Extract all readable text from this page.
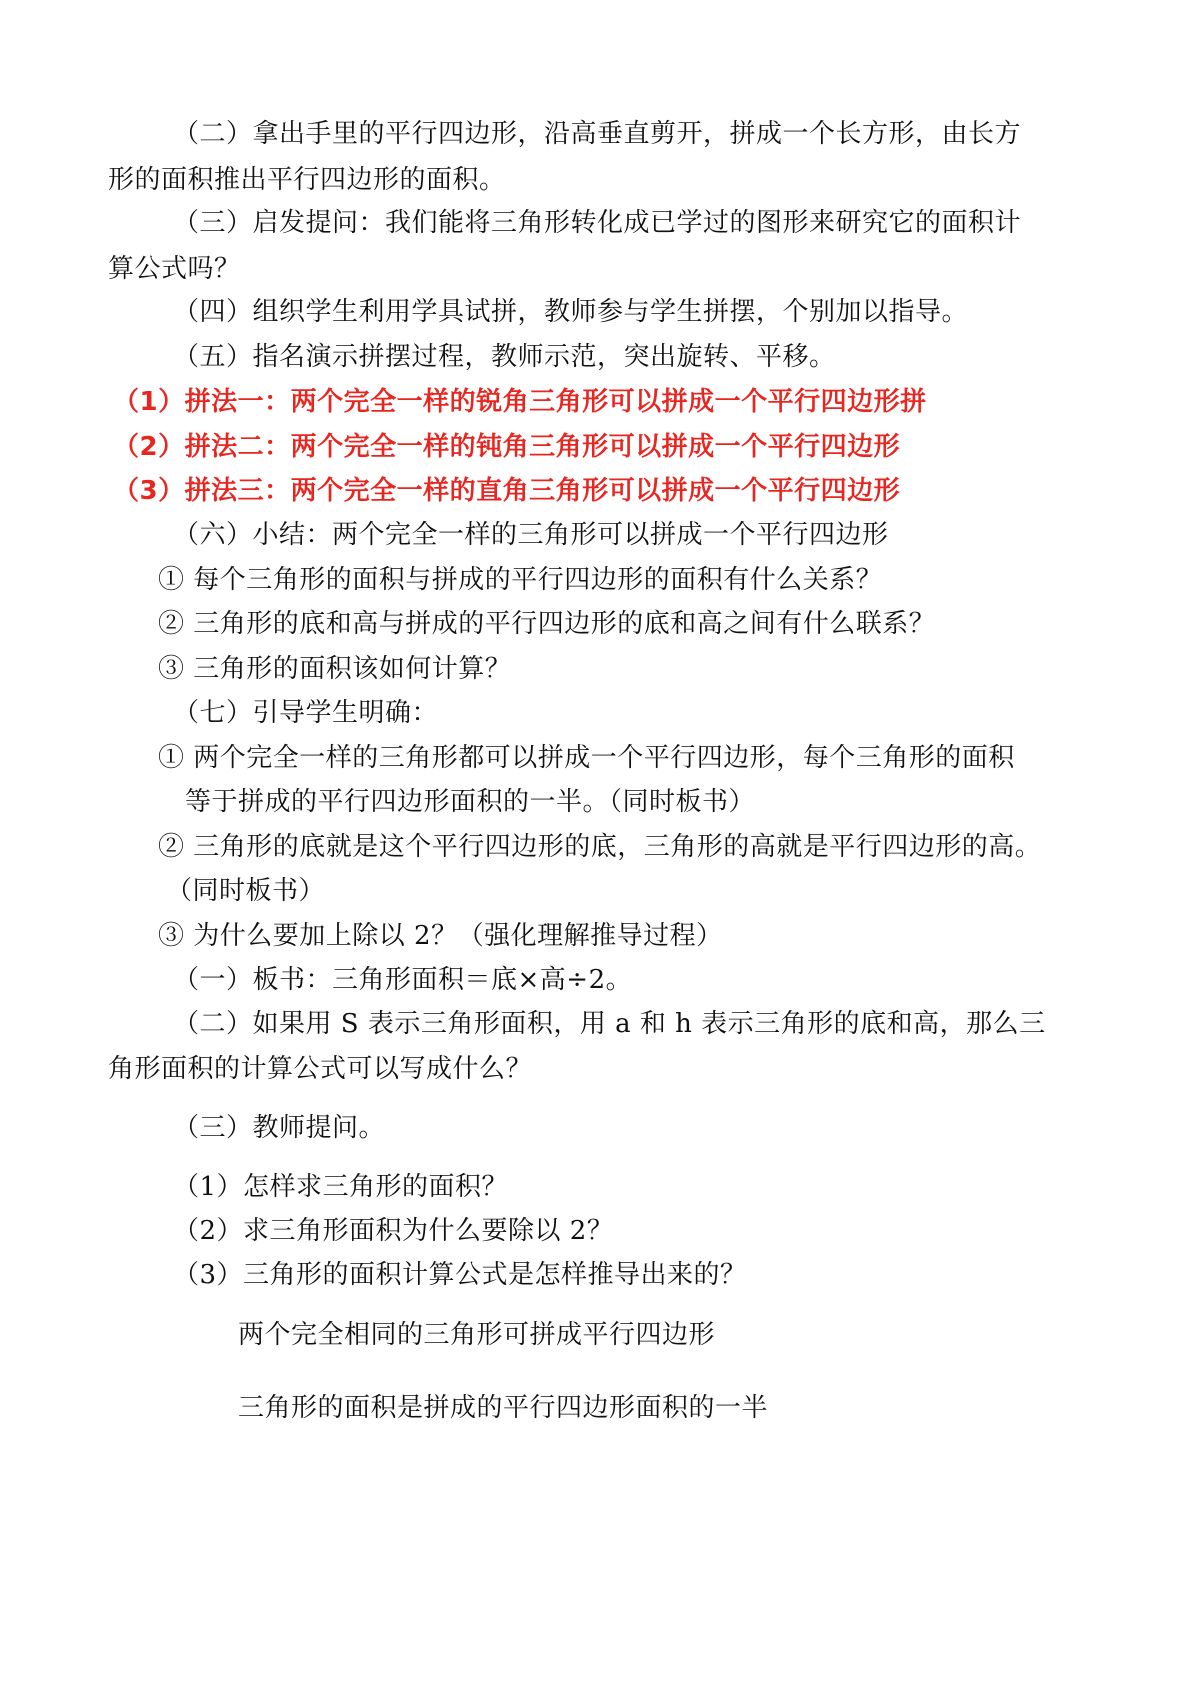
（二）拿出手里的平行四边形，沿高垂直剪开，拼成一个长方形，由长方
形的面积推出平行四边形的面积。
（三）启发提问：我们能将三角形转化成已学过的图形来研究它的面积计
算公式吗？
（四）组织学生利用学具试拼，教师参与学生拼摆，个别加以指导。
（五）指名演示拼摆过程，教师示范，突出旋转、平移。
（1）拼法一：两个完全一样的锐角三角形可以拼成一个平行四边形拼
（2）拼法二：两个完全一样的钝角三角形可以拼成一个平行四边形
（3）拼法三：两个完全一样的直角三角形可以拼成一个平行四边形
（六）小结：两个完全一样的三角形可以拼成一个平行四边形
① 每个三角形的面积与拼成的平行四边形的面积有什么关系？
② 三角形的底和高与拼成的平行四边形的底和高之间有什么联系？
③ 三角形的面积该如何计算？
（七）引导学生明确：
① 两个完全一样的三角形都可以拼成一个平行四边形，每个三角形的面积
等于拼成的平行四边形面积的一半。（同时板书）
② 三角形的底就是这个平行四边形的底，三角形的高就是平行四边形的高。
（同时板书）
③ 为什么要加上除以 2？（强化理解推导过程）
（一）板书：三角形面积＝底×高÷2。
（二）如果用 S 表示三角形面积，用 a 和 h 表示三角形的底和高，那么三
角形面积的计算公式可以写成什么？
（三）教师提问。
（1）怎样求三角形的面积？
（2）求三角形面积为什么要除以 2？
（3）三角形的面积计算公式是怎样推导出来的？
两个完全相同的三角形可拼成平行四边形
三角形的面积是拼成的平行四边形面积的一半
